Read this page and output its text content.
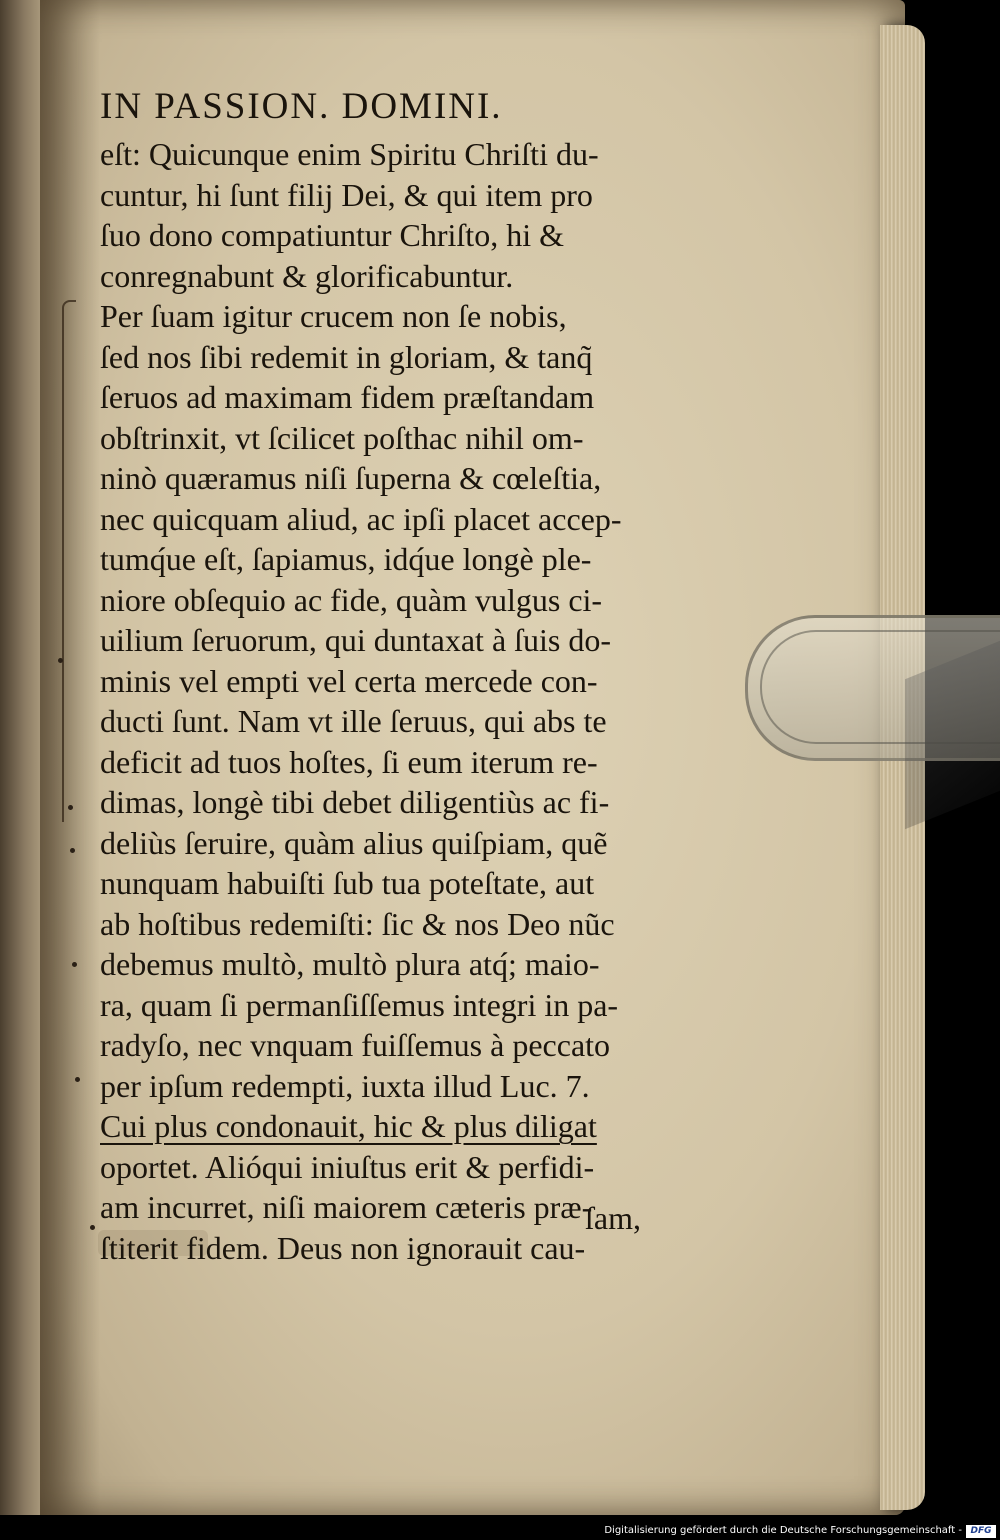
IN PASSION. DOMINI.

eſt: Quicunque enim Spiritu Chriſti du-

cuntur, hi ſunt filij Dei, & qui item pro

ſuo dono compatiuntur Chriſto, hi &

conregnabunt & glorificabuntur.

Per ſuam igitur crucem non ſe nobis,

ſed nos ſibi redemit in gloriam, & tanq̃

ſeruos ad maximam fidem præſtandam

obſtrinxit, vt ſcilicet poſthac nihil om-

ninò quæramus niſi ſuperna & cœleſtia,

nec quicquam aliud, ac ipſi placet accep-

tumq́ue eſt, ſapiamus, idq́ue longè ple-

niore obſequio ac fide, quàm vulgus ci-

uilium ſeruorum, qui duntaxat à ſuis do-

minis vel empti vel certa mercede con-

ducti ſunt. Nam vt ille ſeruus, qui abs te

deficit ad tuos hoſtes, ſi eum iterum re-

dimas, longè tibi debet diligentiùs ac fi-

deliùs ſeruire, quàm alius quiſpiam, quẽ

nunquam habuiſti ſub tua poteſtate, aut

ab hoſtibus redemiſti: ſic & nos Deo nũc

debemus multò, multò plura atq́; maio-

ra, quam ſi permanſiſſemus integri in pa-

radyſo, nec vnquam fuiſſemus à peccato

per ipſum redempti, iuxta illud Luc. 7.

Cui plus condonauit, hic & plus diligat

oportet. Alióqui iniuſtus erit & perfidi-

am incurret, niſi maiorem cæteris præ-

ſtiterit fidem. Deus non ignorauit cau-

ſam,

Digitalisierung gefördert durch die Deutsche Forschungsgemeinschaft - DFG
